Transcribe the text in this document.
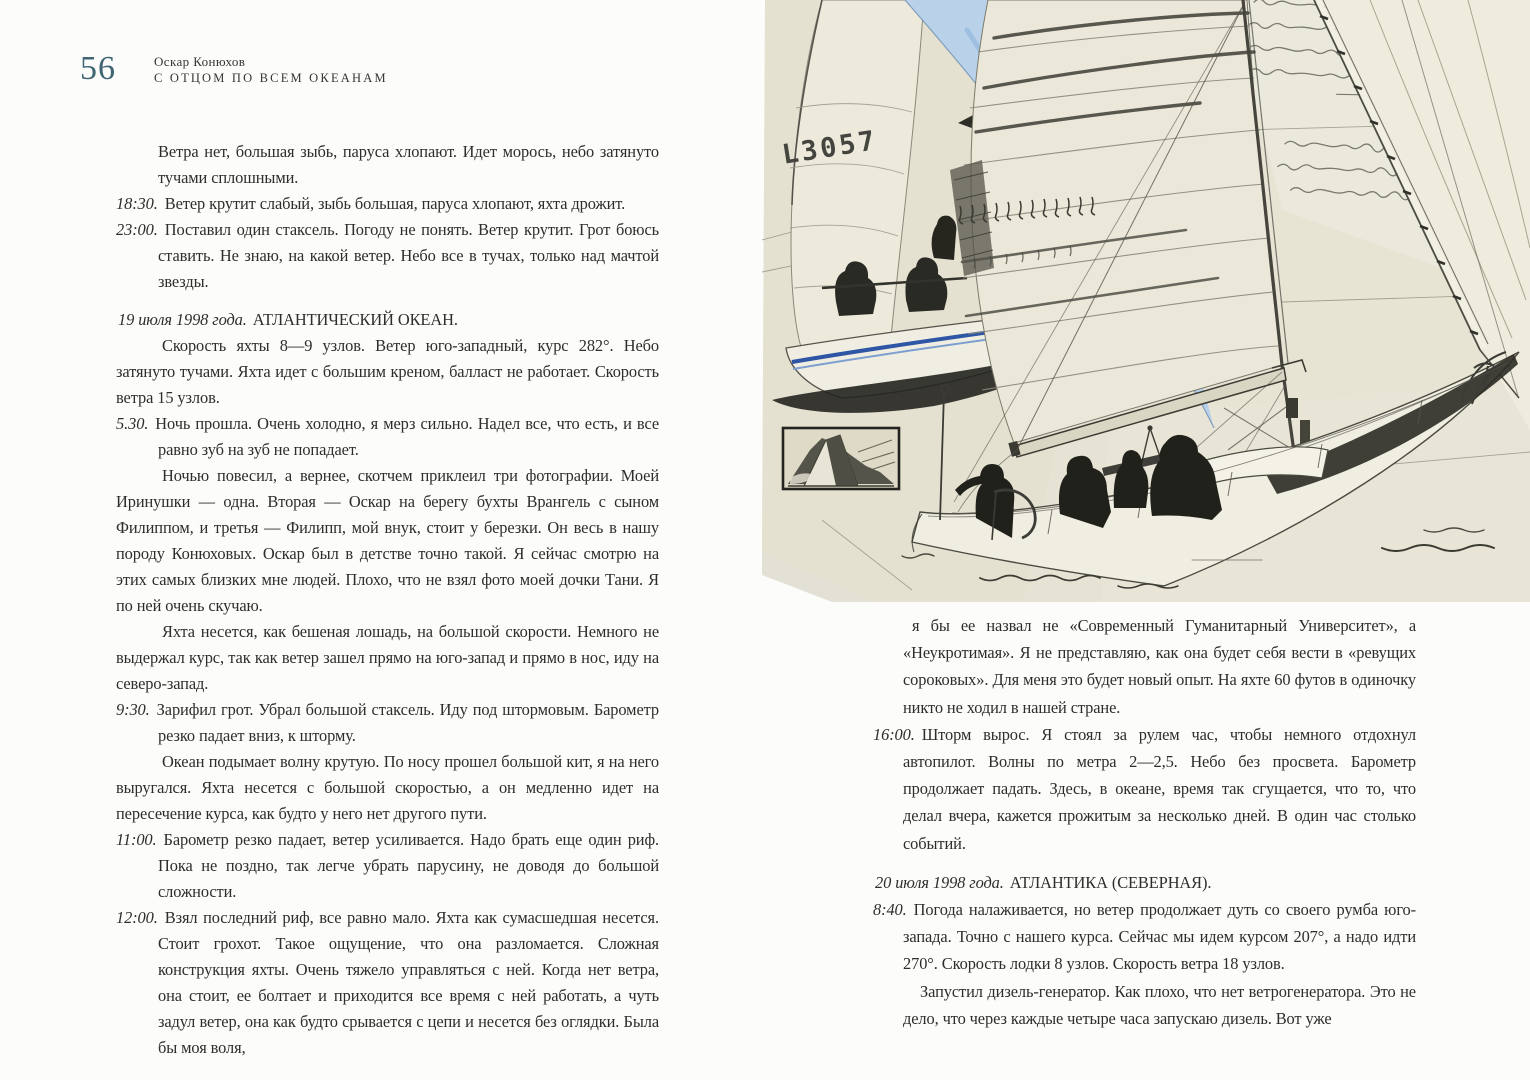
56	Оскар Конюхов
С ОТЦОМ ПО ВСЕМ ОКЕАНАМ
L3057
Ветра нет, большая зыбь, паруса хлопают. Идет морось, небо затянуто тучами сплошными.
18:30. Ветер крутит слабый, зыбь большая, паруса хлопают, яхта дрожит.
23:00. Поставил один стаксель. Погоду не понять. Ветер крутит. Грот боюсь ставить. Не знаю, на какой ветер. Небо все в тучах, только над мачтой звезды.
19 июля 1998 года. АТЛАНТИЧЕСКИЙ ОКЕАН.
Скорость яхты 8—9 узлов. Ветер юго-западный, курс 282°. Небо затянуто тучами. Яхта идет с большим креном, балласт не работает. Скорость ветра 15 узлов.
5.30. Ночь прошла. Очень холодно, я мерз сильно. Надел все, что есть, и все равно зуб на зуб не попадает.
Ночью повесил, а вернее, скотчем приклеил три фотографии. Моей Иринушки — одна. Вторая — Оскар на берегу бухты Врангель с сыном Филиппом, и третья — Филипп, мой внук, стоит у березки. Он весь в нашу породу Конюховых. Оскар был в детстве точно такой. Я сейчас смотрю на этих самых близких мне людей. Плохо, что не взял фото моей дочки Тани. Я по ней очень скучаю.
Яхта несется, как бешеная лошадь, на большой скорости. Немного не выдержал курс, так как ветер зашел прямо на юго-запад и прямо в нос, иду на северо-запад.
9:30. Зарифил грот. Убрал большой стаксель. Иду под штормовым. Барометр резко падает вниз, к шторму.
Океан подымает волну крутую. По носу прошел большой кит, я на него выругался. Яхта несется с большой скоростью, а он медленно идет на пересечение курса, как будто у него нет другого пути.
11:00. Барометр резко падает, ветер усиливается. Надо брать еще один риф. Пока не поздно, так легче убрать парусину, не доводя до большой сложности.
12:00. Взял последний риф, все равно мало. Яхта как сумасшедшая несется. Стоит грохот. Такое ощущение, что она разломается. Сложная конструкция яхты. Очень тяжело управляться с ней. Когда нет ветра, она стоит, ее болтает и приходится все время с ней работать, а чуть задул ветер, она как будто срывается с цепи и несется без оглядки. Была бы моя воля,
я бы ее назвал не «Современный Гуманитарный Университет», а «Неукротимая». Я не представляю, как она будет себя вести в «ревущих сороковых». Для меня это будет новый опыт. На яхте 60 футов в одиночку никто не ходил в нашей стране.
16:00. Шторм вырос. Я стоял за рулем час, чтобы немного отдохнул автопилот. Волны по метра 2—2,5. Небо без просвета. Барометр продолжает падать. Здесь, в океане, время так сгущается, что то, что делал вчера, кажется прожитым за несколько дней. В один час столько событий.
20 июля 1998 года. АТЛАНТИКА (СЕВЕРНАЯ).
8:40. Погода налаживается, но ветер продолжает дуть со своего румба юго-запада. Точно с нашего курса. Сейчас мы идем курсом 207°, а надо идти 270°. Скорость лодки 8 узлов. Скорость ветра 18 узлов.
Запустил дизель-генератор. Как плохо, что нет ветрогенератора. Это не дело, что через каждые четыре часа запускаю дизель. Вот уже
